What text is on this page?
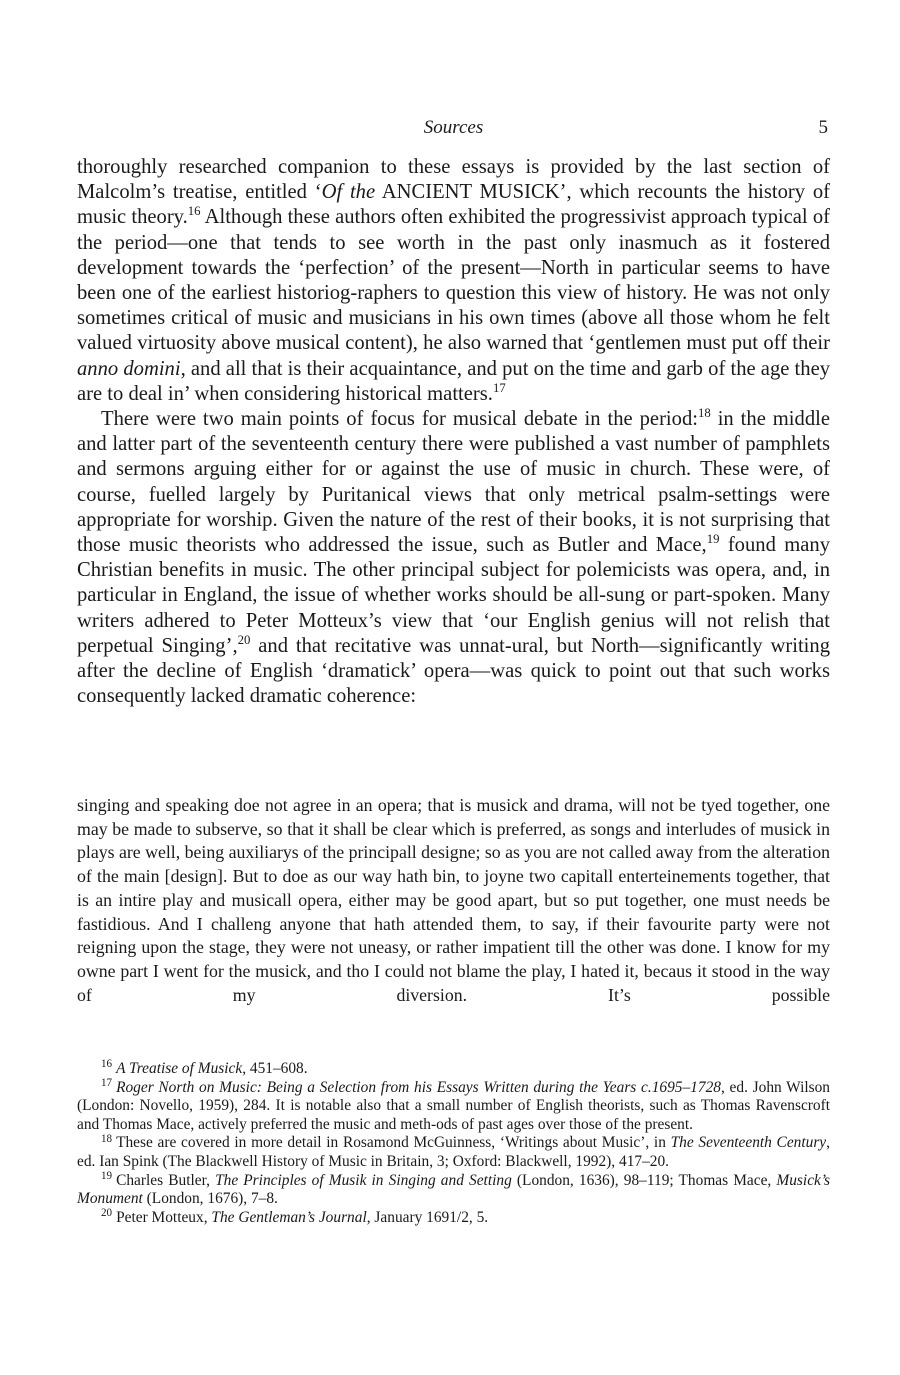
Sources	5

thoroughly researched companion to these essays is provided by the last section of Malcolm’s treatise, entitled ‘Of the ANCIENT MUSICK’, which recounts the history of music theory.$^{16}$ Although these authors often exhibited the progressivist approach typical of the period—one that tends to see worth in the past only inasmuch as it fostered development towards the ‘perfection’ of the present—North in particular seems to have been one of the earliest historiog-raphers to question this view of history. He was not only sometimes critical of music and musicians in his own times (above all those whom he felt valued virtuosity above musical content), he also warned that ‘gentlemen must put off their anno domini, and all that is their acquaintance, and put on the time and garb of the age they are to deal in’ when considering historical matters.$^{17}$

There were two main points of focus for musical debate in the period:$^{18}$ in the middle and latter part of the seventeenth century there were published a vast number of pamphlets and sermons arguing either for or against the use of music in church. These were, of course, fuelled largely by Puritanical views that only metrical psalm-settings were appropriate for worship. Given the nature of the rest of their books, it is not surprising that those music theorists who addressed the issue, such as Butler and Mace,$^{19}$ found many Christian benefits in music. The other principal subject for polemicists was opera, and, in particular in England, the issue of whether works should be all-sung or part-spoken. Many writers adhered to Peter Motteux’s view that ‘our English genius will not relish that perpetual Singing’,$^{20}$ and that recitative was unnat-ural, but North—significantly writing after the decline of English ‘dramatick’ opera—was quick to point out that such works consequently lacked dramatic coherence:

singing and speaking doe not agree in an opera; that is musick and drama, will not be tyed together, one may be made to subserve, so that it shall be clear which is preferred, as songs and interludes of musick in plays are well, being auxiliarys of the principall designe; so as you are not called away from the alteration of the main [design]. But to doe as our way hath bin, to joyne two capitall enterteinements together, that is an intire play and musicall opera, either may be good apart, but so put together, one must needs be fastidious. And I challeng anyone that hath attended them, to say, if their favourite party were not reigning upon the stage, they were not uneasy, or rather impatient till the other was done. I know for my owne part I went for the musick, and tho I could not blame the play, I hated it, becaus it stood in the way of my diversion. It’s possible

$^{16}$ A Treatise of Musick, 451–608.

$^{17}$ Roger North on Music: Being a Selection from his Essays Written during the Years c.1695–1728, ed. John Wilson (London: Novello, 1959), 284. It is notable also that a small number of English theorists, such as Thomas Ravenscroft and Thomas Mace, actively preferred the music and meth-ods of past ages over those of the present.

$^{18}$ These are covered in more detail in Rosamond McGuinness, ‘Writings about Music’, in The Seventeenth Century, ed. Ian Spink (The Blackwell History of Music in Britain, 3; Oxford: Blackwell, 1992), 417–20.

$^{19}$ Charles Butler, The Principles of Musik in Singing and Setting (London, 1636), 98–119; Thomas Mace, Musick’s Monument (London, 1676), 7–8.

$^{20}$ Peter Motteux, The Gentleman’s Journal, January 1691/2, 5.
